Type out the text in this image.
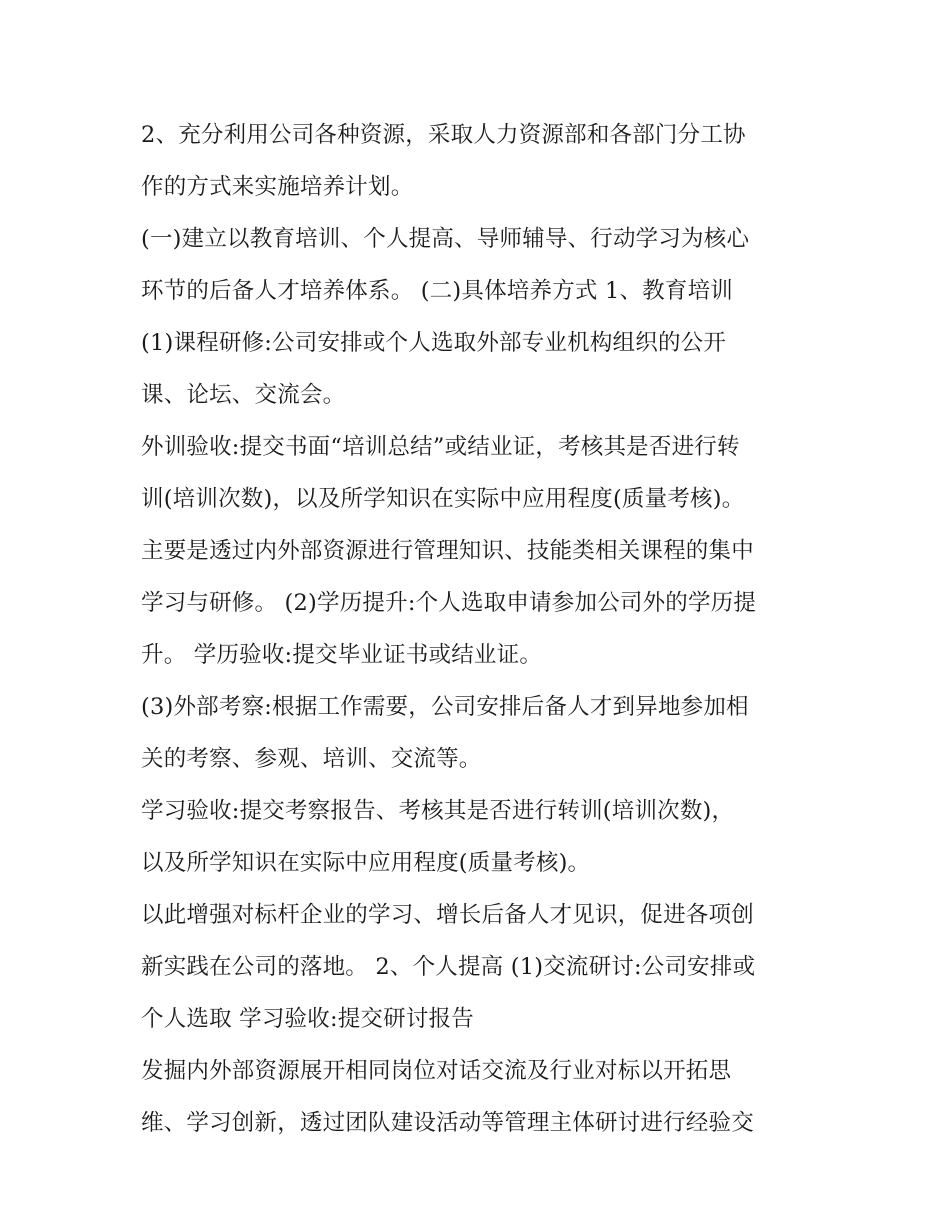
2、充分利用公司各种资源，采取人力资源部和各部门分工协
作的方式来实施培养计划。
(一)建立以教育培训、个人提高、导师辅导、行动学习为核心
环节的后备人才培养体系。 (二)具体培养方式 1、教育培训
(1)课程研修:公司安排或个人选取外部专业机构组织的公开
课、论坛、交流会。
外训验收:提交书面“培训总结”或结业证，考核其是否进行转
训(培训次数)，以及所学知识在实际中应用程度(质量考核)。
主要是透过内外部资源进行管理知识、技能类相关课程的集中
学习与研修。 (2)学历提升:个人选取申请参加公司外的学历提
升。 学历验收:提交毕业证书或结业证。
(3)外部考察:根据工作需要，公司安排后备人才到异地参加相
关的考察、参观、培训、交流等。
学习验收:提交考察报告、考核其是否进行转训(培训次数)，
以及所学知识在实际中应用程度(质量考核)。
以此增强对标杆企业的学习、增长后备人才见识，促进各项创
新实践在公司的落地。 2、个人提高 (1)交流研讨:公司安排或
个人选取 学习验收:提交研讨报告
发掘内外部资源展开相同岗位对话交流及行业对标以开拓思
维、学习创新，透过团队建设活动等管理主体研讨进行经验交
